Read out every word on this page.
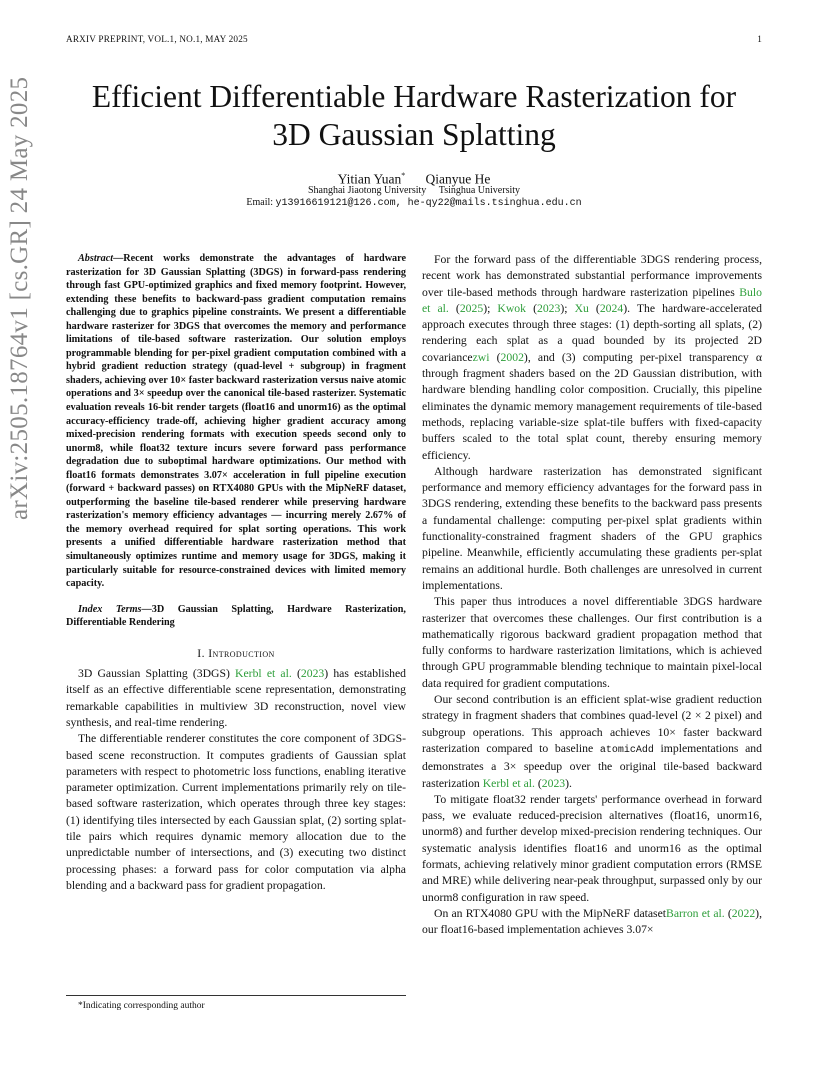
ARXIV PREPRINT, VOL.1, NO.1, MAY 2025	1
Efficient Differentiable Hardware Rasterization for
3D Gaussian Splatting
Yitian Yuan* Qianyue He
Shanghai Jiaotong University Tsinghua University
Email: y13916619121@126.com, he-qy22@mails.tsinghua.edu.cn
arXiv:2505.18764v1 [cs.GR] 24 May 2025	Abstract—Recent works demonstrate the advantages of hardware rasterization for 3D Gaussian Splatting (3DGS) in forward-pass rendering through fast GPU-optimized graphics and fixed memory footprint. However, extending these benefits to backward-pass gradient computation remains challenging due to graphics pipeline constraints. We present a differentiable hardware rasterizer for 3DGS that overcomes the memory and performance limitations of tile-based software rasterization. Our solution employs programmable blending for per-pixel gradient computation combined with a hybrid gradient reduction strategy (quad-level + subgroup) in fragment shaders, achieving over 10× faster backward rasterization versus naive atomic operations and 3× speedup over the canonical tile-based rasterizer. Systematic evaluation reveals 16-bit render targets (float16 and unorm16) as the optimal accuracy-efficiency trade-off, achieving higher gradient accuracy among mixed-precision rendering formats with execution speeds second only to unorm8, while float32 texture incurs severe forward pass performance degradation due to suboptimal hardware optimizations. Our method with float16 formats demonstrates 3.07× acceleration in full pipeline execution (forward + backward passes) on RTX4080 GPUs with the MipNeRF dataset, outperforming the baseline tile-based renderer while preserving hardware rasterization's memory efficiency advantages — incurring merely 2.67% of the memory overhead required for splat sorting operations. This work presents a unified differentiable hardware rasterization method that simultaneously optimizes runtime and memory usage for 3DGS, making it particularly suitable for resource-constrained devices with limited memory capacity.

Index Terms—3D Gaussian Splatting, Hardware Rasterization, Differentiable Rendering

I. Introduction

3D Gaussian Splatting (3DGS) Kerbl et al. (2023) has established itself as an effective differentiable scene representation, demonstrating remarkable capabilities in multiview 3D reconstruction, novel view synthesis, and real-time rendering.

The differentiable renderer constitutes the core component of 3DGS-based scene reconstruction. It computes gradients of Gaussian splat parameters with respect to photometric loss functions, enabling iterative parameter optimization. Current implementations primarily rely on tile-based software rasterization, which operates through three key stages: (1) identifying tiles intersected by each Gaussian splat, (2) sorting splat-tile pairs which requires dynamic memory allocation due to the unpredictable number of intersections, and (3) executing two distinct processing phases: a forward pass for color computation via alpha blending and a backward pass for gradient propagation.

*Indicating corresponding author

For the forward pass of the differentiable 3DGS rendering process, recent work has demonstrated substantial performance improvements over tile-based methods through hardware rasterization pipelines Bulo et al. (2025); Kwok (2023); Xu (2024). The hardware-accelerated approach executes through three stages: (1) depth-sorting all splats, (2) rendering each splat as a quad bounded by its projected 2D covariancezwi (2002), and (3) computing per-pixel transparency α through fragment shaders based on the 2D Gaussian distribution, with hardware blending handling color composition. Crucially, this pipeline eliminates the dynamic memory management requirements of tile-based methods, replacing variable-size splat-tile buffers with fixed-capacity buffers scaled to the total splat count, thereby ensuring memory efficiency.

Although hardware rasterization has demonstrated significant performance and memory efficiency advantages for the forward pass in 3DGS rendering, extending these benefits to the backward pass presents a fundamental challenge: computing per-pixel splat gradients within functionality-constrained fragment shaders of the GPU graphics pipeline. Meanwhile, efficiently accumulating these gradients per-splat remains an additional hurdle. Both challenges are unresolved in current implementations.

This paper thus introduces a novel differentiable 3DGS hardware rasterizer that overcomes these challenges. Our first contribution is a mathematically rigorous backward gradient propagation method that fully conforms to hardware rasterization limitations, which is achieved through GPU programmable blending technique to maintain pixel-local data required for gradient computations.

Our second contribution is an efficient splat-wise gradient reduction strategy in fragment shaders that combines quad-level (2 × 2 pixel) and subgroup operations. This approach achieves 10× faster backward rasterization compared to baseline atomicAdd implementations and demonstrates a 3× speedup over the original tile-based backward rasterization Kerbl et al. (2023).

To mitigate float32 render targets' performance overhead in forward pass, we evaluate reduced-precision alternatives (float16, unorm16, unorm8) and further develop mixed-precision rendering techniques. Our systematic analysis identifies float16 and unorm16 as the optimal formats, achieving relatively minor gradient computation errors (RMSE and MRE) while delivering near-peak throughput, surpassed only by our unorm8 configuration in raw speed.

On an RTX4080 GPU with the MipNeRF datasetBarron et al. (2022), our float16-based implementation achieves 3.07×
